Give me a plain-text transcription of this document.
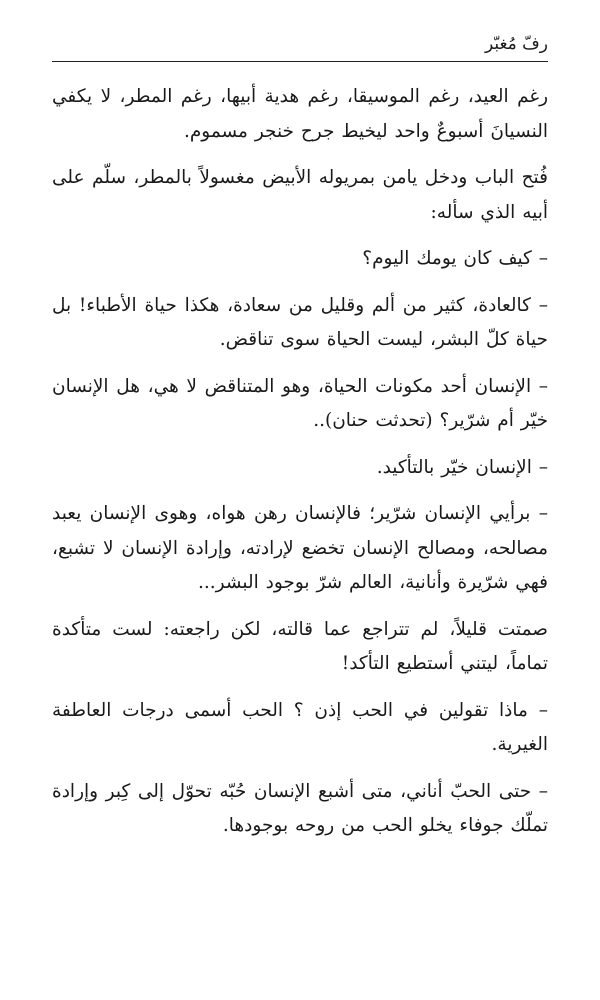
رفّ مُغبّر

رغم العيد، رغم الموسيقا، رغم هدية أبيها، رغم المطر، لا يكفي النسيانَ أسبوعٌ واحد ليخيط جرح خنجر مسموم.

فُتح الباب ودخل يامن بمريوله الأبيض مغسولاً بالمطر، سلّم على أبيه الذي سأله:

– كيف كان يومك اليوم؟

– كالعادة، كثير من ألم وقليل من سعادة، هكذا حياة الأطباء! بل حياة كلّ البشر، ليست الحياة سوى تناقض.

– الإنسان أحد مكونات الحياة، وهو المتناقض لا هي، هل الإنسان خيّر أم شرّير؟ (تحدثت حنان)..

– الإنسان خيّر بالتأكيد.

– برأيي الإنسان شرّير؛ فالإنسان رهن هواه، وهوى الإنسان يعبد مصالحه، ومصالح الإنسان تخضع لإرادته، وإرادة الإنسان لا تشبع، فهي شرّيرة وأنانية، العالم شرّ بوجود البشر...

صمتت قليلاً، لم تتراجع عما قالته، لكن راجعته: لست متأكدة تماماً، ليتني أستطيع التأكد!

– ماذا تقولين في الحب إذن ؟ الحب أسمى درجات العاطفة الغيرية.

– حتى الحبّ أناني، متى أشبع الإنسان حُبّه تحوّل إلى كِبر وإرادة تملّك جوفاء يخلو الحب من روحه بوجودها.
